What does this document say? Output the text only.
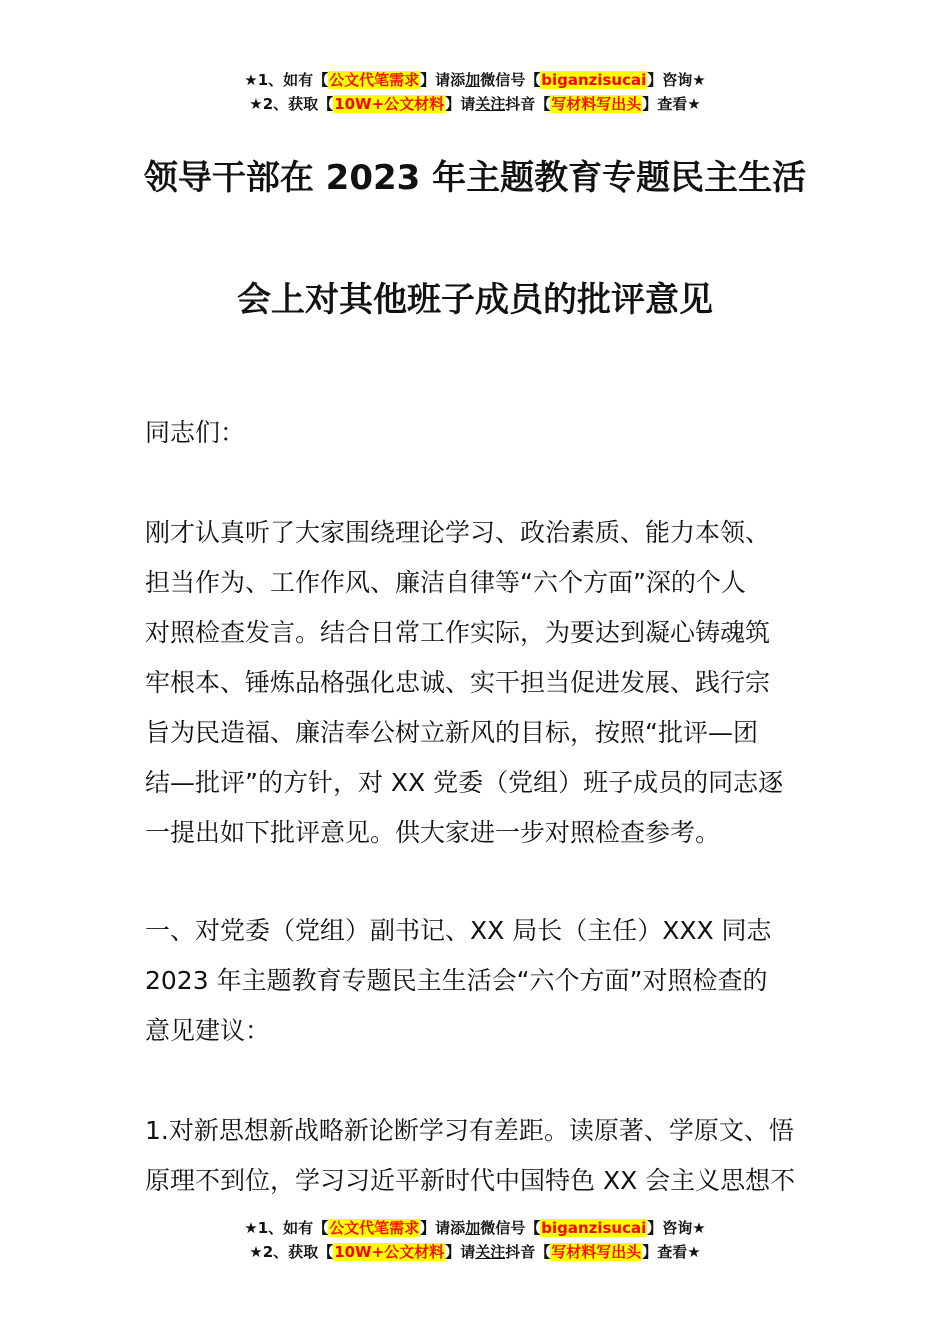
★1、如有【公文代笔需求】请添加微信号【biganzisucai】咨询★
★2、获取【10W+公文材料】请关注抖音【写材料写出头】查看★
领导干部在 2023 年主题教育专题民主生活
会上对其他班子成员的批评意见
同志们：
刚才认真听了大家围绕理论学习、政治素质、能力本领、
担当作为、工作作风、廉洁自律等“六个方面”深的个人
对照检查发言。结合日常工作实际，为要达到凝心铸魂筑
牢根本、锤炼品格强化忠诚、实干担当促进发展、践行宗
旨为民造福、廉洁奉公树立新风的目标，按照“批评—团
结—批评”的方针，对 XX 党委（党组）班子成员的同志逐
一提出如下批评意见。供大家进一步对照检查参考。
一、对党委（党组）副书记、XX 局长（主任）XXX 同志
2023 年主题教育专题民主生活会“六个方面”对照检查的
意见建议：
1.对新思想新战略新论断学习有差距。读原著、学原文、悟
原理不到位，学习习近平新时代中国特色 XX 会主义思想不
★1、如有【公文代笔需求】请添加微信号【biganzisucai】咨询★
★2、获取【10W+公文材料】请关注抖音【写材料写出头】查看★
